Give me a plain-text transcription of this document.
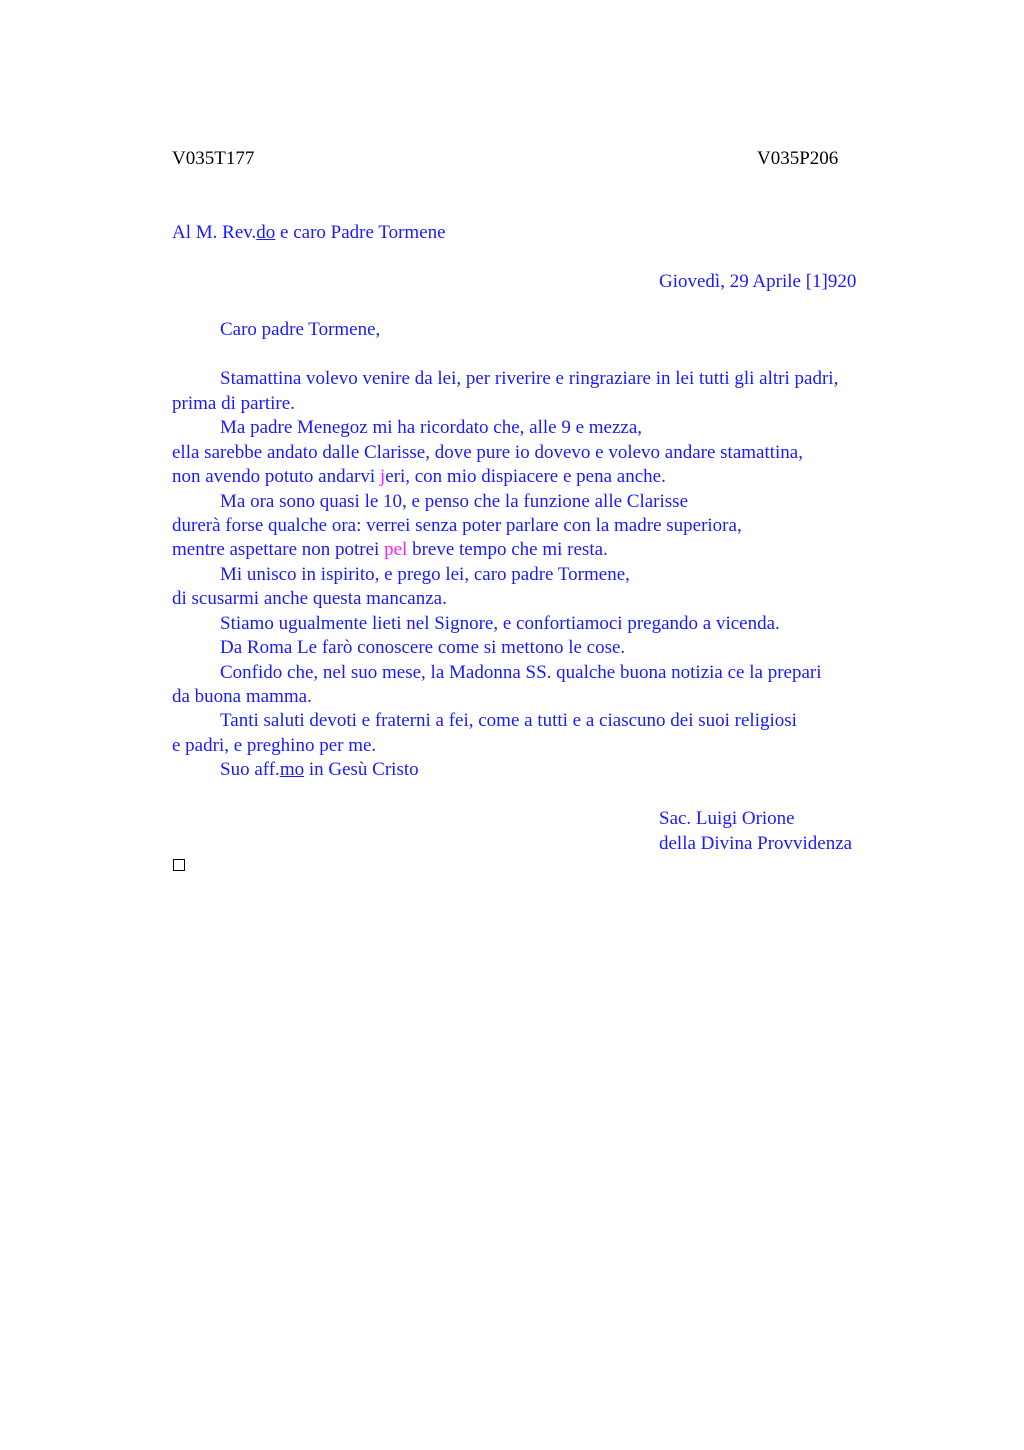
V035T177	V035P206
Al M. Rev.do e caro Padre Tormene
Giovedì, 29 Aprile [1]920
Caro padre Tormene,
Stamattina volevo venire da lei, per riverire e ringraziare in lei tutti gli altri padri,
prima di partire.
Ma padre Menegoz mi ha ricordato che, alle 9 e mezza,
ella sarebbe andato dalle Clarisse, dove pure io dovevo e volevo andare stamattina,
non avendo potuto andarvi jeri, con mio dispiacere e pena anche.
Ma ora sono quasi le 10, e penso che la funzione alle Clarisse
durerà forse qualche ora: verrei senza poter parlare con la madre superiora,
mentre aspettare non potrei pel breve tempo che mi resta.
Mi unisco in ispirito, e prego lei, caro padre Tormene,
di scusarmi anche questa mancanza.
Stiamo ugualmente lieti nel Signore, e confortiamoci pregando a vicenda.
Da Roma Le farò conoscere come si mettono le cose.
Confido che, nel suo mese, la Madonna SS. qualche buona notizia ce la prepari
da buona mamma.
Tanti saluti devoti e fraterni a fei, come a tutti e a ciascuno dei suoi religiosi
e padri, e preghino per me.
Suo aff.mo in Gesù Cristo
Sac. Luigi Orione
della Divina Provvidenza
